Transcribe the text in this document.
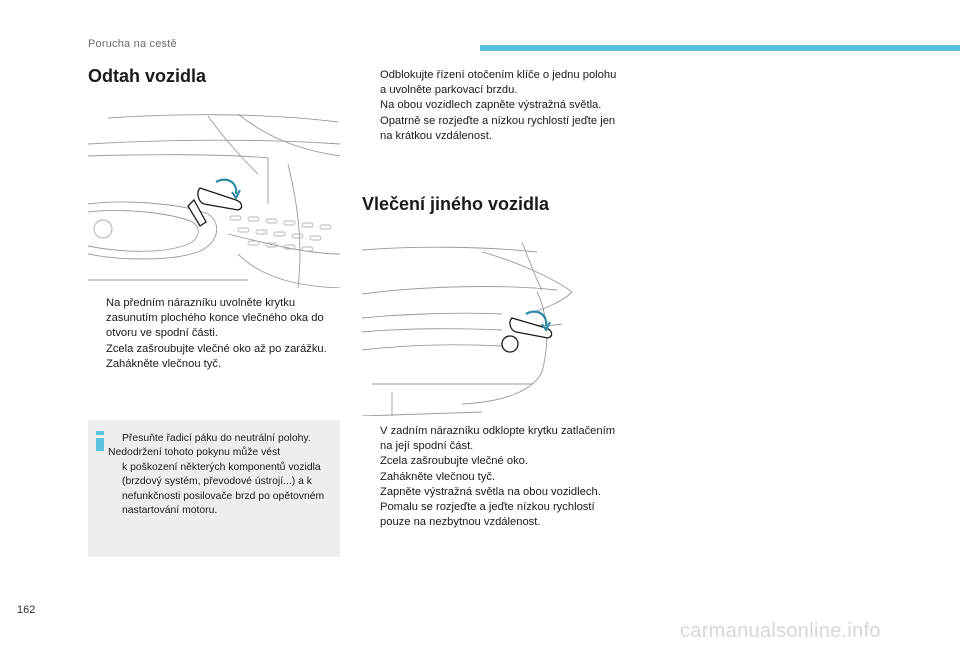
Porucha na cestě
Odtah vozidla
Na předním nárazníku uvolněte krytku zasunutím plochého konce vlečného oka do otvoru ve spodní části.
Zcela zašroubujte vlečné oko až po zarážku.
Zahákněte vlečnou tyč.
Přesuňte řadicí páku do neutrální polohy.
Nedodržení tohoto pokynu může vést
k poškození některých komponentů vozidla (brzdový systém, převodové ústrojí...) a k nefunkčnosti posilovače brzd po opětovném nastartování motoru.
Odblokujte řízení otočením klíče o jednu polohu a uvolněte parkovací brzdu.
Na obou vozidlech zapněte výstražná světla.
Opatrně se rozjeďte a nízkou rychlostí jeďte jen na krátkou vzdálenost.
Vlečení jiného vozidla
V zadním nárazníku odklopte krytku zatlačením na její spodní část.
Zcela zašroubujte vlečné oko.
Zahákněte vlečnou tyč.
Zapněte výstražná světla na obou vozidlech.
Pomalu se rozjeďte a jeďte nízkou rychlostí pouze na nezbytnou vzdálenost.
162
carmanualsonline.info
